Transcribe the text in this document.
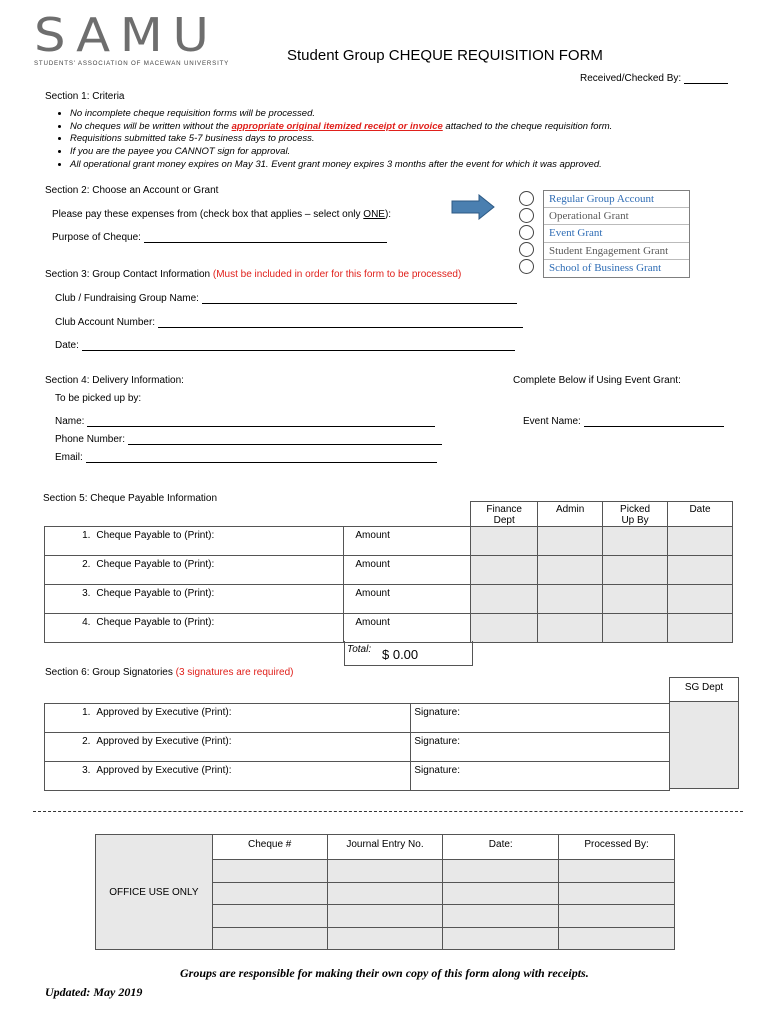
SAMU
STUDENTS' ASSOCIATION OF MACEWAN UNIVERSITY	Student Group CHEQUE REQUISITION FORM
Received/Checked By:
Section 1: Criteria
• No incomplete cheque requisition forms will be processed.
• No cheques will be written without the appropriate original itemized receipt or invoice attached to the cheque requisition form.
• Requisitions submitted take 5-7 business days to process.
• If you are the payee you CANNOT sign for approval.
• All operational grant money expires on May 31. Event grant money expires 3 months after the event for which it was approved.
Section 2: Choose an Account or Grant
Please pay these expenses from (check box that applies – select only ONE):
Purpose of Cheque:
Regular Group Account
Operational Grant
Event Grant
Student Engagement Grant
School of Business Grant
Section 3: Group Contact Information (Must be included in order for this form to be processed)
Club / Fundraising Group Name:
Club Account Number:
Date:
Section 4: Delivery Information:	Complete Below if Using Event Grant:
To be picked up by:
Name:	Event Name:
Phone Number:
Email:
Section 5: Cheque Payable Information
			Finance Dept	Admin	Picked Up By	Date
1.	Cheque Payable to (Print):	Amount				
2.	Cheque Payable to (Print):	Amount				
3.	Cheque Payable to (Print):	Amount				
4.	Cheque Payable to (Print):	Amount				
Total: $ 0.00
Section 6: Group Signatories (3 signatures are required)
SG Dept
1.	Approved by Executive (Print):	Signature:
2.	Approved by Executive (Print):	Signature:
3.	Approved by Executive (Print):	Signature:
OFFICE USE ONLY	Cheque #	Journal Entry No.	Date:	Processed By:

Groups are responsible for making their own copy of this form along with receipts.
Updated: May 2019
